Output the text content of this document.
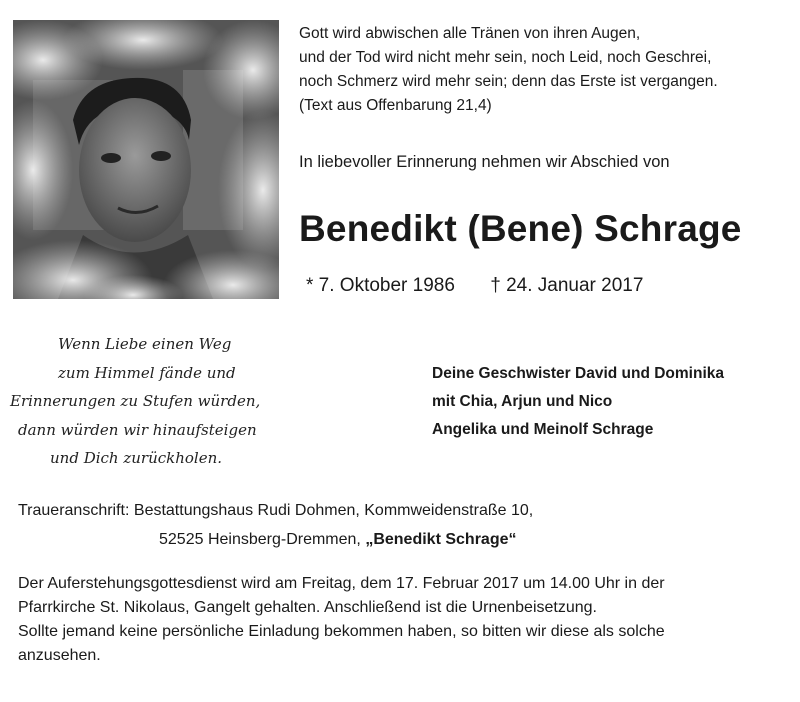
Gott wird abwischen alle Tränen von ihren Augen,
und der Tod wird nicht mehr sein, noch Leid, noch Geschrei,
noch Schmerz wird mehr sein; denn das Erste ist vergangen.
(Text aus Offenbarung 21,4)
In liebevoller Erinnerung nehmen wir Abschied von
Benedikt (Bene) Schrage
* 7. Oktober 1986 † 24. Januar 2017
Wenn Liebe einen Weg
zum Himmel fände und
Erinnerungen zu Stufen würden,
dann würden wir hinaufsteigen
und Dich zurückholen.
Deine Geschwister David und Dominika
mit Chia, Arjun und Nico
Angelika und Meinolf Schrage
Traueranschrift: Bestattungshaus Rudi Dohmen, Kommweidenstraße 10,
52525 Heinsberg-Dremmen, „Benedikt Schrage“
Der Auferstehungsgottesdienst wird am Freitag, dem 17. Februar 2017 um 14.00 Uhr in der
Pfarrkirche St. Nikolaus, Gangelt gehalten. Anschließend ist die Urnenbeisetzung.
Sollte jemand keine persönliche Einladung bekommen haben, so bitten wir diese als solche
anzusehen.
